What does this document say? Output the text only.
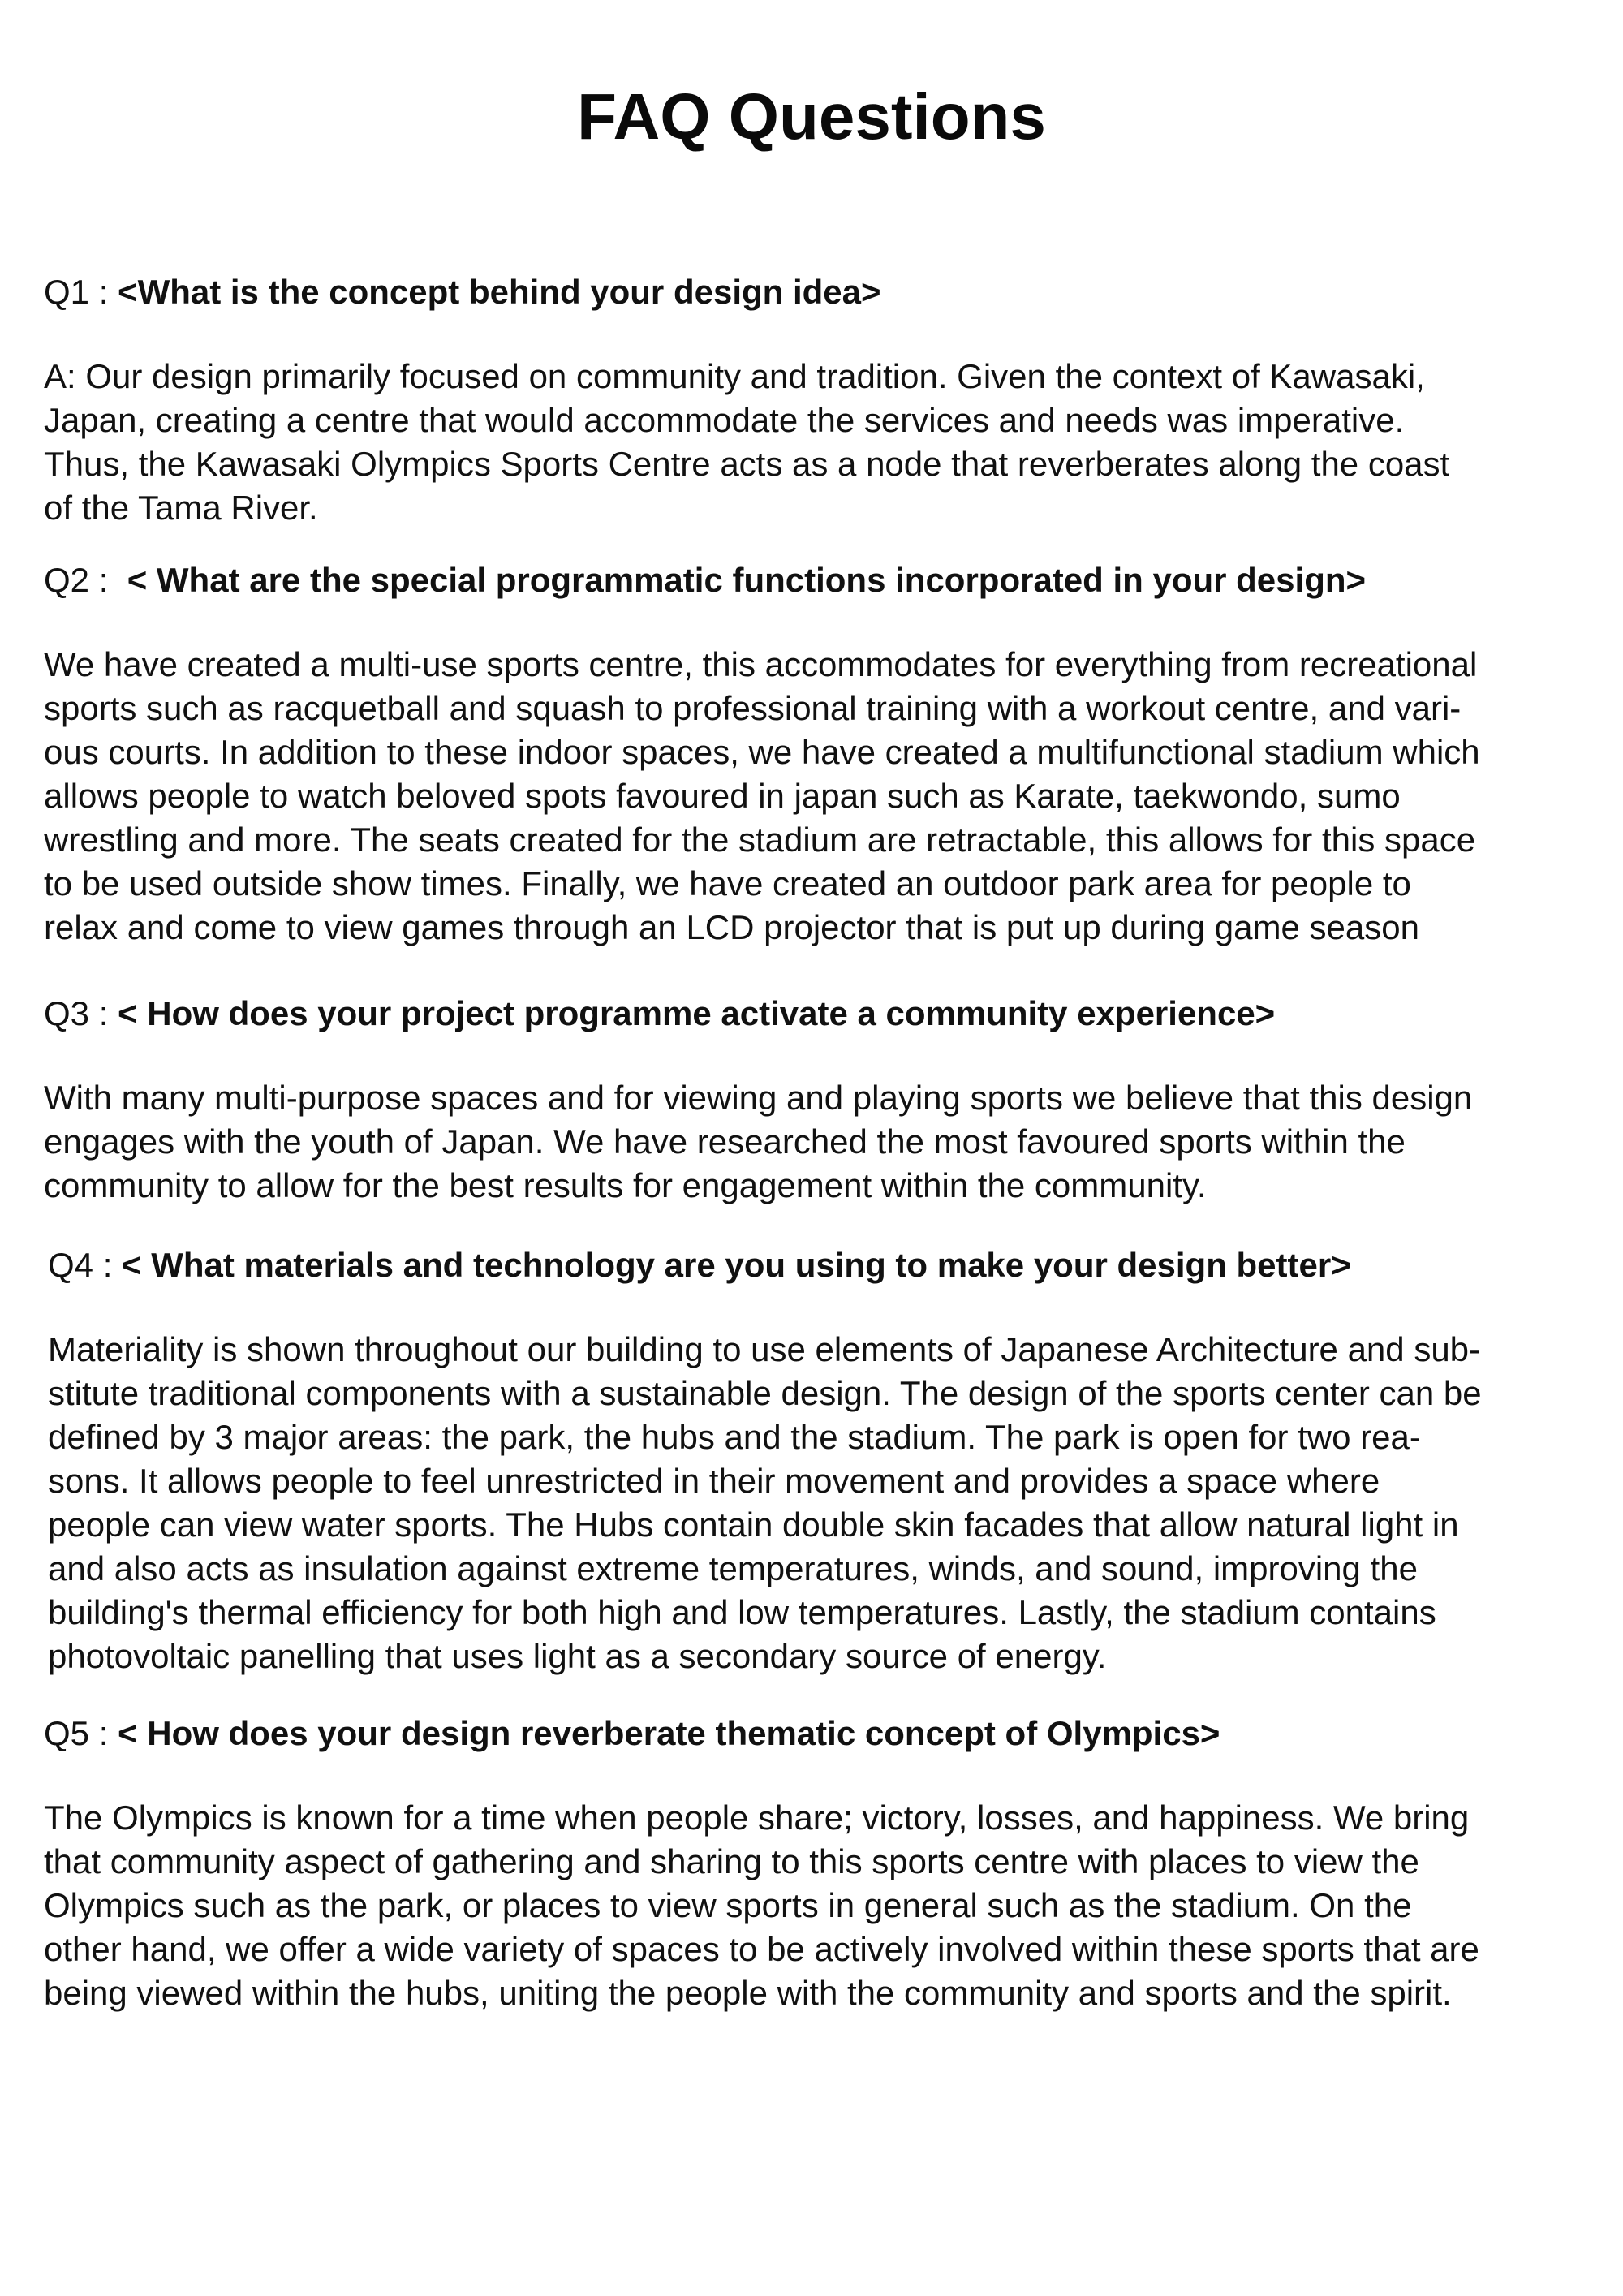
FAQ Questions

Q1 : <What is the concept behind your design idea>

A: Our design primarily focused on community and tradition. Given the context of Kawasaki,
Japan, creating a centre that would accommodate the services and needs was imperative.
Thus, the Kawasaki Olympics Sports Centre acts as a node that reverberates along the coast
of the Tama River.

Q2 : < What are the special programmatic functions incorporated in your design>

We have created a multi-use sports centre, this accommodates for everything from recreational
sports such as racquetball and squash to professional training with a workout centre, and vari-
ous courts. In addition to these indoor spaces, we have created a multifunctional stadium which
allows people to watch beloved spots favoured in japan such as Karate, taekwondo, sumo
wrestling and more. The seats created for the stadium are retractable, this allows for this space
to be used outside show times. Finally, we have created an outdoor park area for people to
relax and come to view games through an LCD projector that is put up during game season

Q3 : < How does your project programme activate a community experience>

With many multi-purpose spaces and for viewing and playing sports we believe that this design
engages with the youth of Japan. We have researched the most favoured sports within the
community to allow for the best results for engagement within the community.

Q4 : < What materials and technology are you using to make your design better>

Materiality is shown throughout our building to use elements of Japanese Architecture and sub-
stitute traditional components with a sustainable design. The design of the sports center can be
defined by 3 major areas: the park, the hubs and the stadium. The park is open for two rea-
sons. It allows people to feel unrestricted in their movement and provides a space where
people can view water sports. The Hubs contain double skin facades that allow natural light in
and also acts as insulation against extreme temperatures, winds, and sound, improving the
building's thermal efficiency for both high and low temperatures. Lastly, the stadium contains
photovoltaic panelling that uses light as a secondary source of energy.

Q5 : < How does your design reverberate thematic concept of Olympics>

The Olympics is known for a time when people share; victory, losses, and happiness. We bring
that community aspect of gathering and sharing to this sports centre with places to view the
Olympics such as the park, or places to view sports in general such as the stadium. On the
other hand, we offer a wide variety of spaces to be actively involved within these sports that are
being viewed within the hubs, uniting the people with the community and sports and the spirit.
